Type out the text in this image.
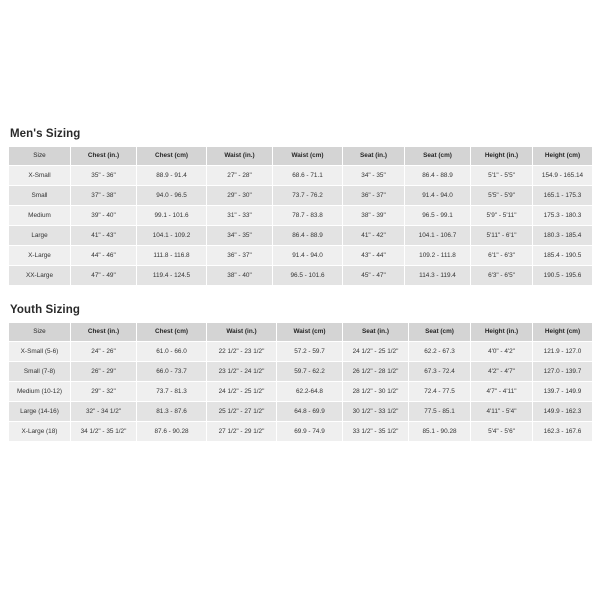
Men's Sizing
Size	Chest (in.)	Chest (cm)	Waist (in.)	Waist (cm)	Seat (in.)	Seat (cm)	Height (in.)	Height (cm)
X-Small	35" - 36"	88.9 - 91.4	27" - 28"	68.6 - 71.1	34" - 35"	86.4 - 88.9	5'1" - 5'5"	154.9 - 165.14
Small	37" - 38"	94.0 - 96.5	29" - 30"	73.7 - 76.2	36" - 37"	91.4 - 94.0	5'5" - 5'9"	165.1 - 175.3
Medium	39" - 40"	99.1 - 101.6	31" - 33"	78.7 - 83.8	38" - 39"	96.5 - 99.1	5'9" - 5'11"	175.3 - 180.3
Large	41" - 43"	104.1 - 109.2	34" - 35"	86.4 - 88.9	41" - 42"	104.1 - 106.7	5'11" - 6'1"	180.3 - 185.4
X-Large	44" - 46"	111.8 - 116.8	36" - 37"	91.4 - 94.0	43" - 44"	109.2 - 111.8	6'1" - 6'3"	185.4 - 190.5
XX-Large	47" - 49"	119.4 - 124.5	38" - 40"	96.5 - 101.6	45" - 47"	114.3 - 119.4	6'3" - 6'5"	190.5 - 195.6
Youth Sizing
Size	Chest (in.)	Chest (cm)	Waist (in.)	Waist (cm)	Seat (in.)	Seat (cm)	Height (in.)	Height (cm)
X-Small (5-6)	24" - 26"	61.0 - 66.0	22 1/2" - 23 1/2"	57.2 - 59.7	24 1/2" - 25 1/2"	62.2 - 67.3	4'0" - 4'2"	121.9 - 127.0
Small (7-8)	26" - 29"	66.0 - 73.7	23 1/2" - 24 1/2"	59.7 - 62.2	26 1/2" - 28 1/2"	67.3 - 72.4	4'2" - 4'7"	127.0 - 139.7
Medium (10-12)	29" - 32"	73.7 - 81.3	24 1/2" - 25 1/2"	62.2-64.8	28 1/2" - 30 1/2"	72.4 - 77.5	4'7" - 4'11"	139.7 - 149.9
Large (14-16)	32" - 34 1/2"	81.3 - 87.6	25 1/2" - 27 1/2"	64.8 - 69.9	30 1/2" - 33 1/2"	77.5 - 85.1	4'11" - 5'4"	149.9 - 162.3
X-Large (18)	34 1/2" - 35 1/2"	87.6 - 90.28	27 1/2" - 29 1/2"	69.9 - 74.9	33 1/2" - 35 1/2"	85.1 - 90.28	5'4" - 5'6"	162.3 - 167.6
